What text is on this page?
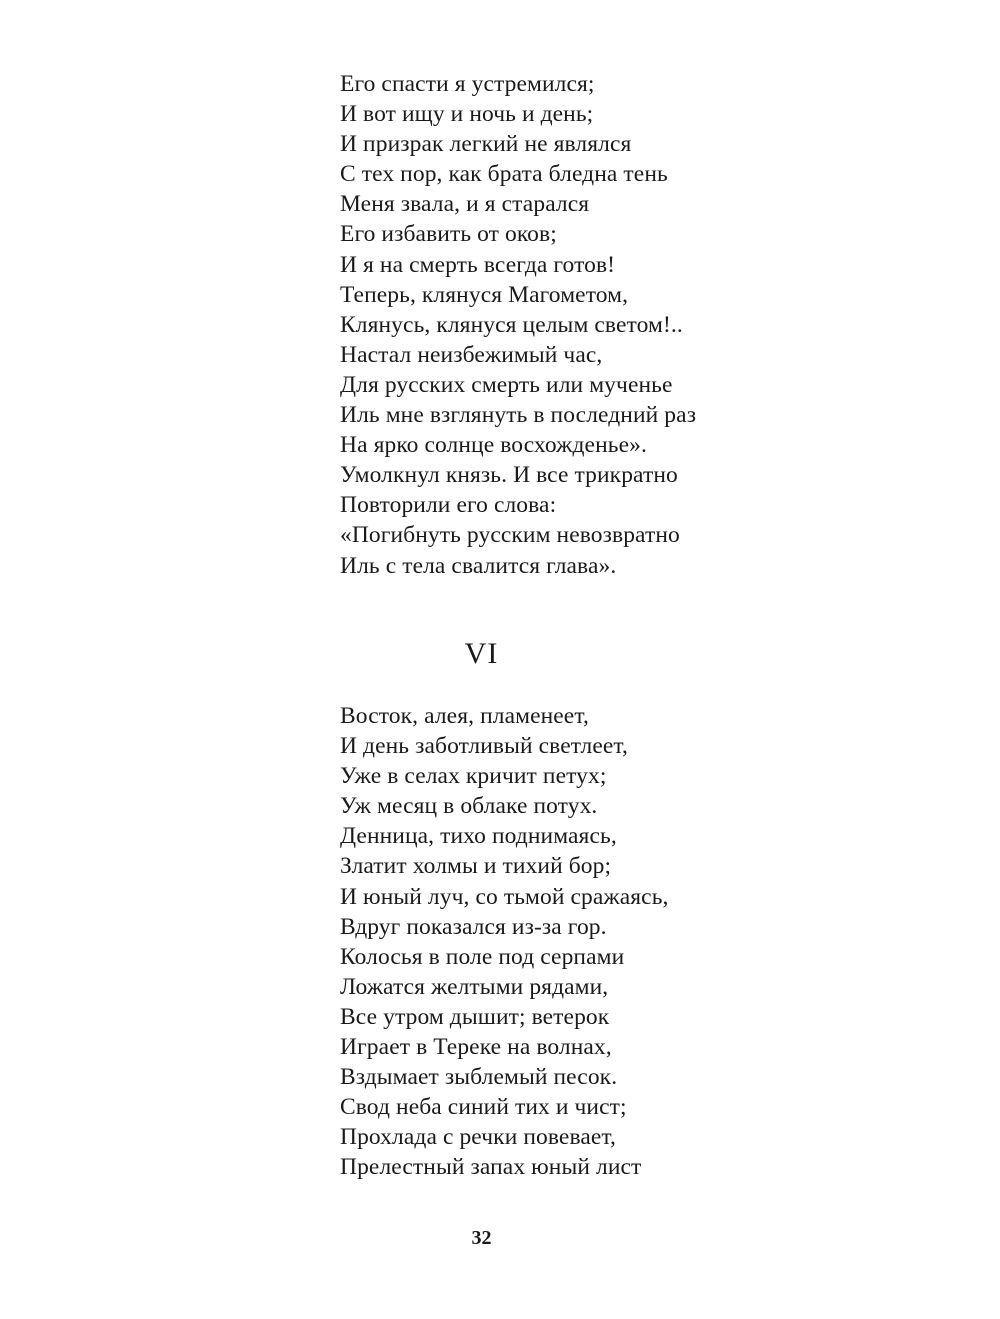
Его спасти я устремился;
И вот ищу и ночь и день;
И призрак легкий не являлся
С тех пор, как брата бледна тень
Меня звала, и я старался
Его избавить от оков;
И я на смерть всегда готов!
Теперь, клянуся Магометом,
Клянусь, клянуся целым светом!..
Настал неизбежимый час,
Для русских смерть или мученье
Иль мне взглянуть в последний раз
На ярко солнце восхожденье».
Умолкнул князь. И все трикратно
Повторили его слова:
«Погибнуть русским невозвратно
Иль с тела свалится глава».
VI
Восток, алея, пламенеет,
И день заботливый светлеет,
Уже в селах кричит петух;
Уж месяц в облаке потух.
Денница, тихо поднимаясь,
Златит холмы и тихий бор;
И юный луч, со тьмой сражаясь,
Вдруг показался из-за гор.
Колосья в поле под серпами
Ложатся желтыми рядами,
Все утром дышит; ветерок
Играет в Тереке на волнах,
Вздымает зыблемый песок.
Свод неба синий тих и чист;
Прохлада с речки повевает,
Прелестный запах юный лист
32
